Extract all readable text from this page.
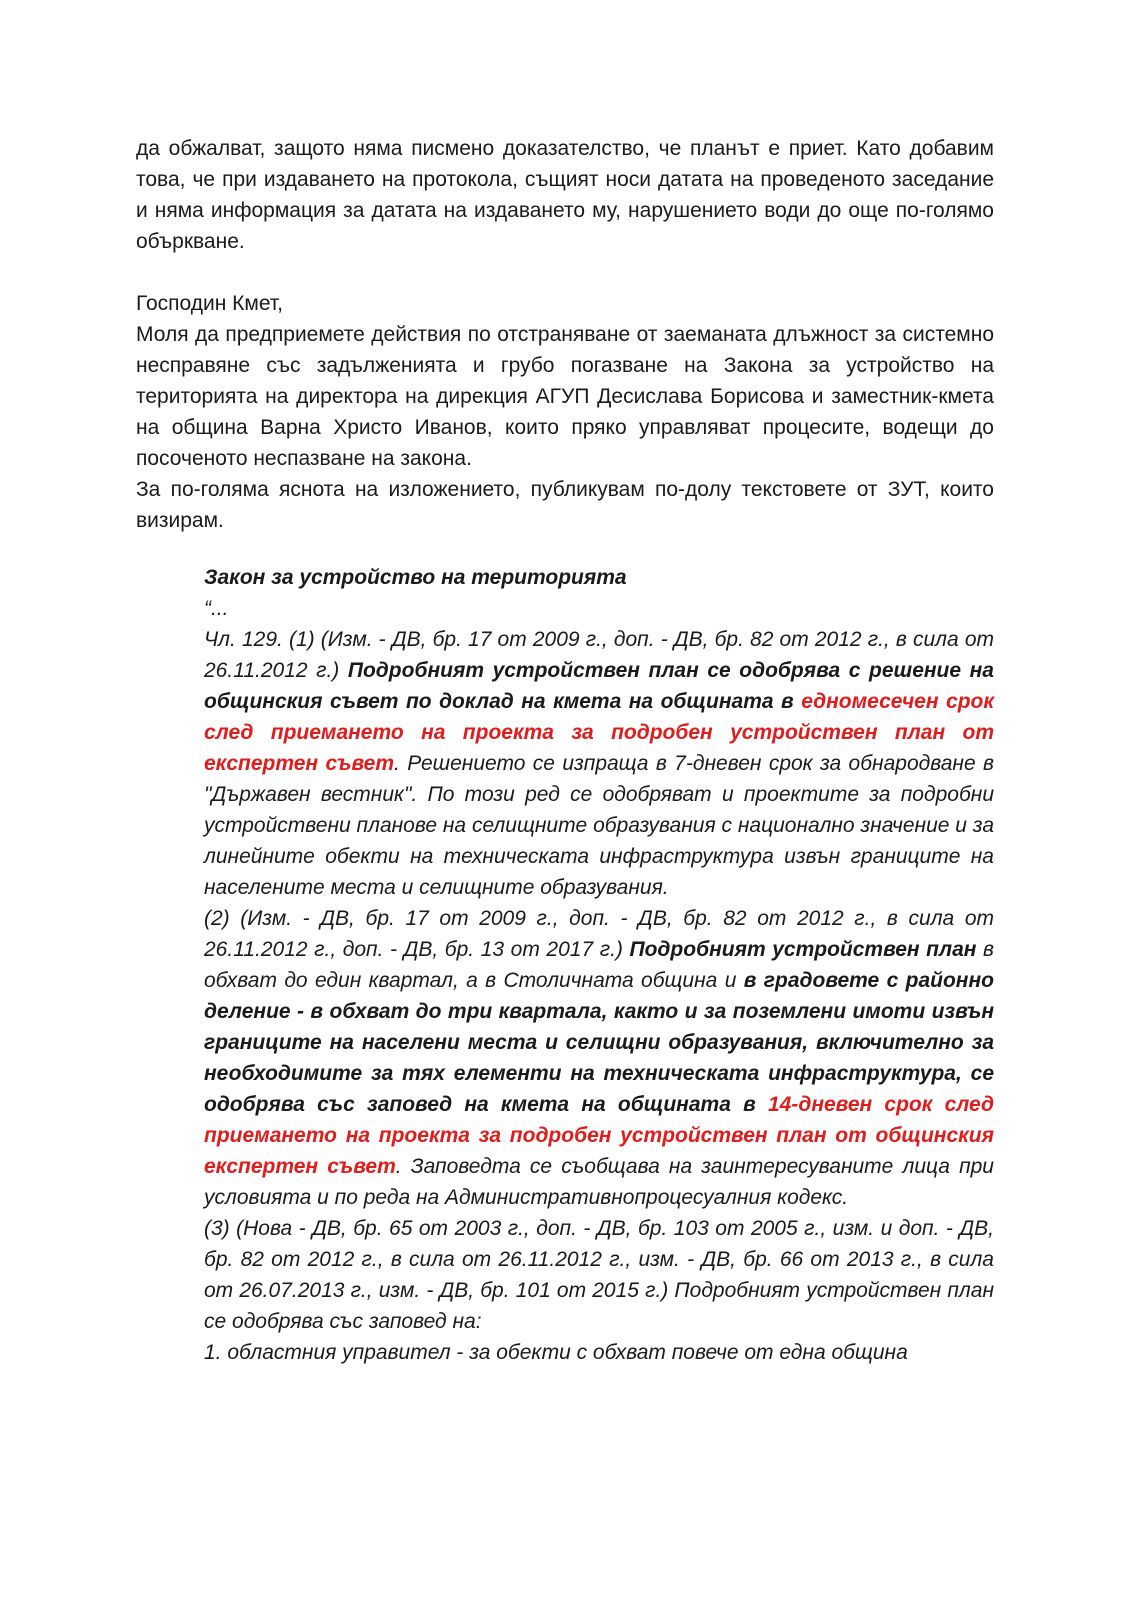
да обжалват, защото няма писмено доказателство, че планът е приет. Като добавим това, че при издаването на протокола, същият носи датата на проведеното заседание и няма информация за датата на издаването му, нарушението води до още по-голямо объркване.

Господин Кмет,

Моля да предприемете действия по отстраняване от заеманата длъжност за системно несправяне със задълженията и грубо погазване на Закона за устройство на територията на директора на дирекция АГУП Десислава Борисова и заместник-кмета на община Варна Христо Иванов, които пряко управляват процесите, водещи до посоченото неспазване на закона.

За по-голяма яснота на изложението, публикувам по-долу текстовете от ЗУТ, които визирам.

Закон за устройство на територията

“...

Чл. 129. (1) (Изм. - ДВ, бр. 17 от 2009 г., доп. - ДВ, бр. 82 от 2012 г., в сила от 26.11.2012 г.) Подробният устройствен план се одобрява с решение на общинския съвет по доклад на кмета на общината в едномесечен срок след приемането на проекта за подробен устройствен план от експертен съвет. Решението се изпраща в 7-дневен срок за обнародване в "Държавен вестник". По този ред се одобряват и проектите за подробни устройствени планове на селищните образувания с национално значение и за линейните обекти на техническата инфраструктура извън границите на населените места и селищните образувания.

(2) (Изм. - ДВ, бр. 17 от 2009 г., доп. - ДВ, бр. 82 от 2012 г., в сила от 26.11.2012 г., доп. - ДВ, бр. 13 от 2017 г.) Подробният устройствен план в обхват до един квартал, а в Столичната община и в градовете с районно деление - в обхват до три квартала, както и за поземлени имоти извън границите на населени места и селищни образувания, включително за необходимите за тях елементи на техническата инфраструктура, се одобрява със заповед на кмета на общината в 14-дневен срок след приемането на проекта за подробен устройствен план от общинския експертен съвет. Заповедта се съобщава на заинтересуваните лица при условията и по реда на Административнопроцесуалния кодекс.

(3) (Нова - ДВ, бр. 65 от 2003 г., доп. - ДВ, бр. 103 от 2005 г., изм. и доп. - ДВ, бр. 82 от 2012 г., в сила от 26.11.2012 г., изм. - ДВ, бр. 66 от 2013 г., в сила от 26.07.2013 г., изм. - ДВ, бр. 101 от 2015 г.) Подробният устройствен план се одобрява със заповед на:

1. областния управител - за обекти с обхват повече от една община
